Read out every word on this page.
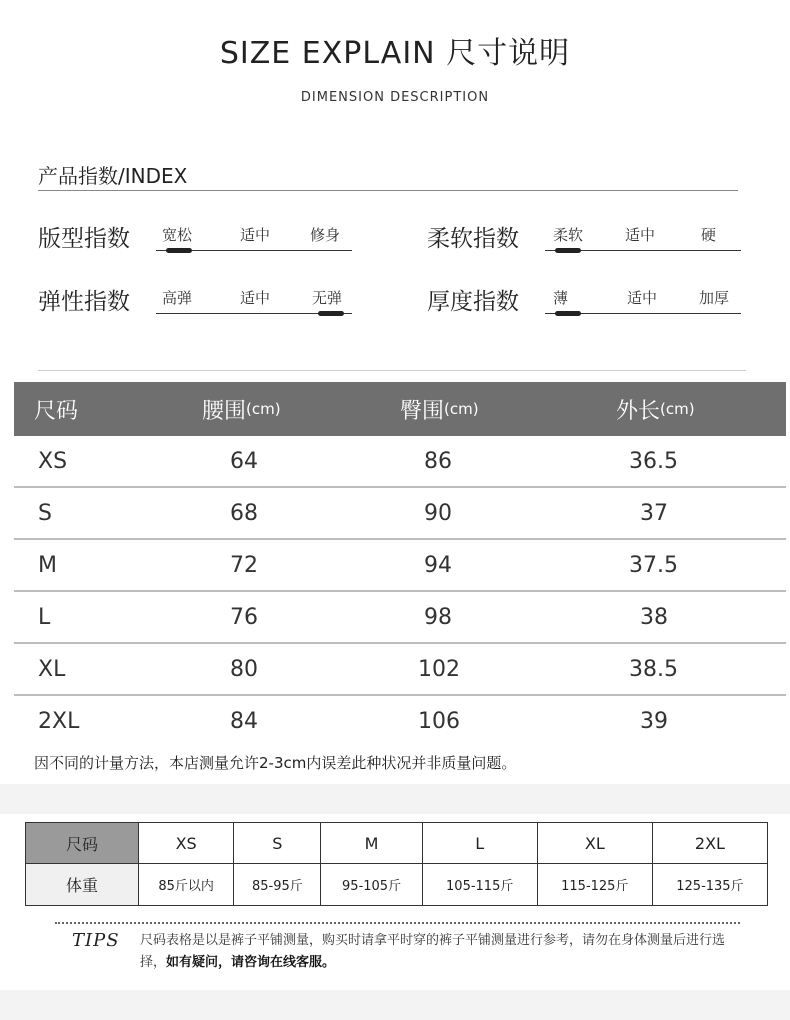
SIZE EXPLAIN 尺寸说明
DIMENSION DESCRIPTION
产品指数/INDEX
版型指数 宽松	适中	修身	柔软指数 柔软	适中	硬
弹性指数 高弹	适中	无弹	厚度指数 薄	适中	加厚
尺码	腰围 (cm)	臀围 (cm)	外长 (cm)
XS	64	86	36.5
S	68	90	37
M	72	94	37.5
L	76	98	38
XL	80	102	38.5
2XL	84	106	39
因不同的计量方法，本店测量允许2-3cm内误差此种状况并非质量问题。
尺码	XS	S	M	L	XL	2XL
体重	85斤以内	85-95斤	95-105斤	105-115斤	115-125斤	125-135斤
TIPS 尺码表格是以是裤子平铺测量，购买时请拿平时穿的裤子平铺测量进行参考，请勿在身体测量后进行选择，如有疑问，请咨询在线客服。
